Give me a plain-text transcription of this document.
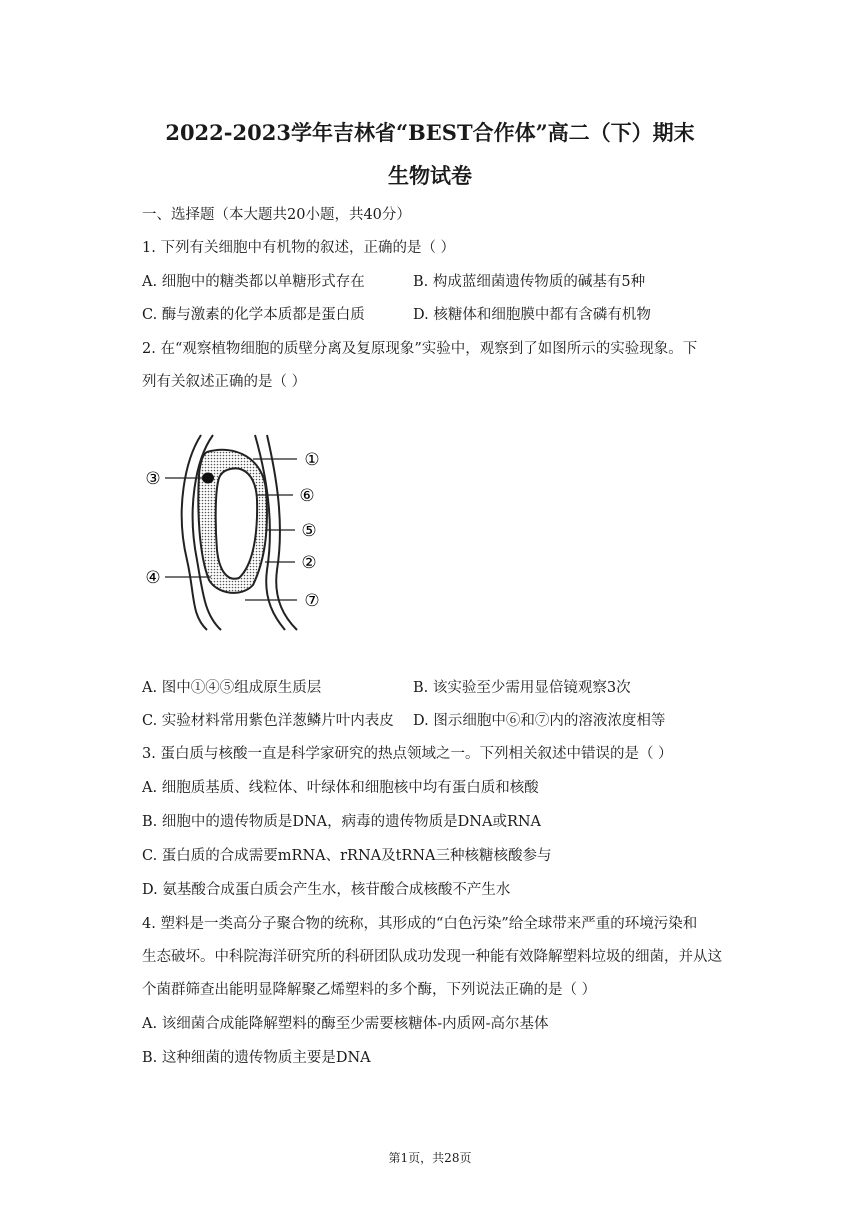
2022-2023学年吉林省“BEST合作体”高二（下）期末
生物试卷
一、选择题（本大题共20小题，共40分）
1. 下列有关细胞中有机物的叙述，正确的是（ ）
A. 细胞中的糖类都以单糖形式存在	B. 构成蓝细菌遗传物质的碱基有5种
C. 酶与激素的化学本质都是蛋白质	D. 核糖体和细胞膜中都有含磷有机物
2. 在“观察植物细胞的质壁分离及复原现象”实验中，观察到了如图所示的实验现象。下
列有关叙述正确的是（ ）
①
⑥
⑤
②
⑦
③
④
A. 图中①④⑤组成原生质层	B. 该实验至少需用显倍镜观察3次
C. 实验材料常用紫色洋葱鳞片叶内表皮 D. 图示细胞中⑥和⑦内的溶液浓度相等
3. 蛋白质与核酸一直是科学家研究的热点领域之一。下列相关叙述中错误的是（ ）
A. 细胞质基质、线粒体、叶绿体和细胞核中均有蛋白质和核酸
B. 细胞中的遗传物质是DNA，病毒的遗传物质是DNA或RNA
C. 蛋白质的合成需要mRNA、rRNA及tRNA三种核糖核酸参与
D. 氨基酸合成蛋白质会产生水，核苷酸合成核酸不产生水
4. 塑料是一类高分子聚合物的统称，其形成的“白色污染”给全球带来严重的环境污染和
生态破坏。中科院海洋研究所的科研团队成功发现一种能有效降解塑料垃圾的细菌，并从这
个菌群筛查出能明显降解聚乙烯塑料的多个酶，下列说法正确的是（ ）
A. 该细菌合成能降解塑料的酶至少需要核糖体-内质网-高尔基体
B. 这种细菌的遗传物质主要是DNA
第1页，共28页
